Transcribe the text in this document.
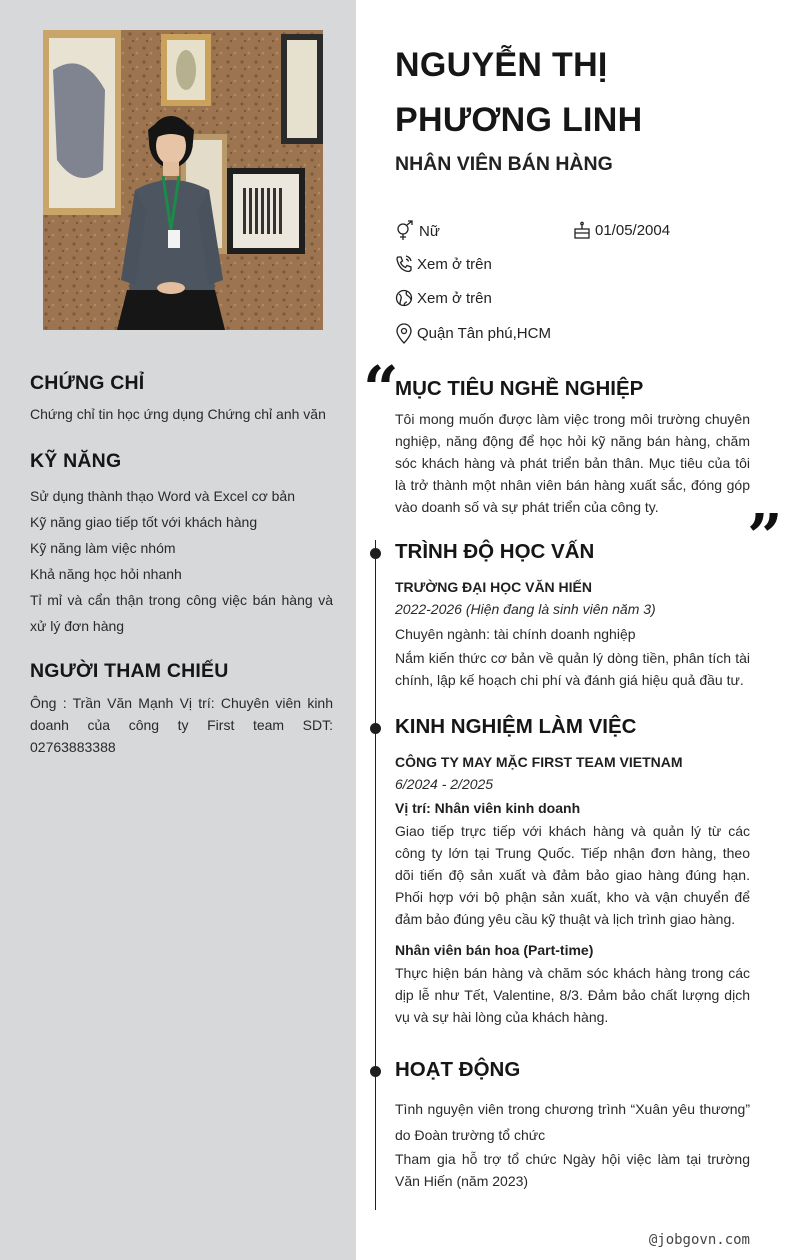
CHỨNG CHỈ
Chứng chỉ tin học ứng dụng Chứng chỉ anh văn
KỸ NĂNG
Sử dụng thành thạo Word và Excel cơ bản
Kỹ năng giao tiếp tốt với khách hàng
Kỹ năng làm việc nhóm
Khả năng học hỏi nhanh
Tỉ mỉ và cẩn thận trong công việc bán hàng và xử lý đơn hàng
NGƯỜI THAM CHIẾU
Ông : Trần Văn Mạnh Vị trí: Chuyên viên kinh doanh của công ty First team SDT: 02763883388
NGUYỄN THỊ
PHƯƠNG LINH
NHÂN VIÊN BÁN HÀNG
Nữ	01/05/2004
Xem ở trên
Xem ở trên
Quận Tân phú,HCM
“
MỤC TIÊU NGHỀ NGHIỆP
Tôi mong muốn được làm việc trong môi trường chuyên nghiệp, năng động để học hỏi kỹ năng bán hàng, chăm sóc khách hàng và phát triển bản thân. Mục tiêu của tôi là trở thành một nhân viên bán hàng xuất sắc, đóng góp vào doanh số và sự phát triển của công ty.	”
TRÌNH ĐỘ HỌC VẤN
TRƯỜNG ĐẠI HỌC VĂN HIẾN
2022-2026 (Hiện đang là sinh viên năm 3)
Chuyên ngành: tài chính doanh nghiệp
Nắm kiến thức cơ bản về quản lý dòng tiền, phân tích tài chính, lập kế hoạch chi phí và đánh giá hiệu quả đầu tư.
KINH NGHIỆM LÀM VIỆC
CÔNG TY MAY MẶC FIRST TEAM VIETNAM
6/2024 - 2/2025
Vị trí: Nhân viên kinh doanh
Giao tiếp trực tiếp với khách hàng và quản lý từ các công ty lớn tại Trung Quốc. Tiếp nhận đơn hàng, theo dõi tiến độ sản xuất và đảm bảo giao hàng đúng hạn. Phối hợp với bộ phận sản xuất, kho và vận chuyển để đảm bảo đúng yêu cầu kỹ thuật và lịch trình giao hàng.
Nhân viên bán hoa (Part-time)
Thực hiện bán hàng và chăm sóc khách hàng trong các dịp lễ như Tết, Valentine, 8/3. Đảm bảo chất lượng dịch vụ và sự hài lòng của khách hàng.
HOẠT ĐỘNG
Tình nguyện viên trong chương trình “Xuân yêu thương” do Đoàn trường tổ chức
Tham gia hỗ trợ tổ chức Ngày hội việc làm tại trường Văn Hiến (năm 2023)
@jobgovn.com
